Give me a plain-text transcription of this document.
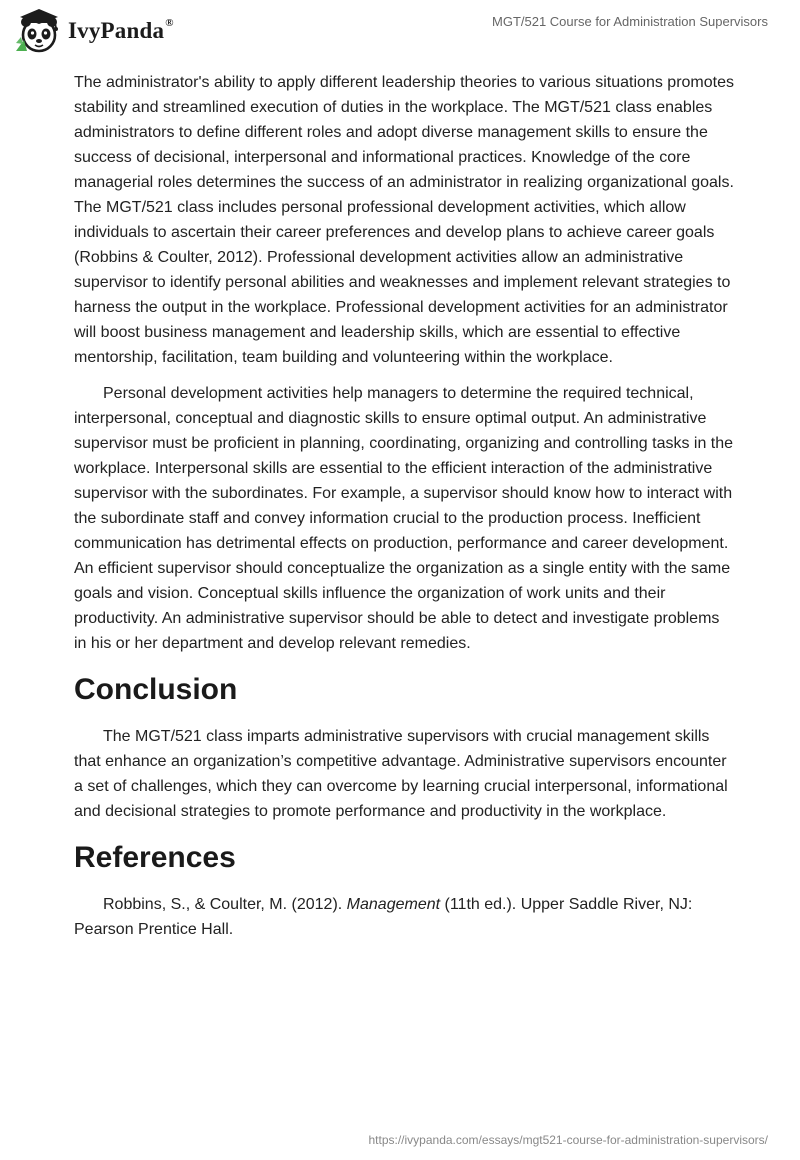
IvyPanda®	MGT/521 Course for Administration Supervisors

The administrator's ability to apply different leadership theories to various situations promotes stability and streamlined execution of duties in the workplace. The MGT/521 class enables administrators to define different roles and adopt diverse management skills to ensure the success of decisional, interpersonal and informational practices. Knowledge of the core managerial roles determines the success of an administrator in realizing organizational goals. The MGT/521 class includes personal professional development activities, which allow individuals to ascertain their career preferences and develop plans to achieve career goals (Robbins & Coulter, 2012). Professional development activities allow an administrative supervisor to identify personal abilities and weaknesses and implement relevant strategies to harness the output in the workplace. Professional development activities for an administrator will boost business management and leadership skills, which are essential to effective mentorship, facilitation, team building and volunteering within the workplace.

Personal development activities help managers to determine the required technical, interpersonal, conceptual and diagnostic skills to ensure optimal output. An administrative supervisor must be proficient in planning, coordinating, organizing and controlling tasks in the workplace. Interpersonal skills are essential to the efficient interaction of the administrative supervisor with the subordinates. For example, a supervisor should know how to interact with the subordinate staff and convey information crucial to the production process. Inefficient communication has detrimental effects on production, performance and career development. An efficient supervisor should conceptualize the organization as a single entity with the same goals and vision. Conceptual skills influence the organization of work units and their productivity. An administrative supervisor should be able to detect and investigate problems in his or her department and develop relevant remedies.

Conclusion

The MGT/521 class imparts administrative supervisors with crucial management skills that enhance an organization’s competitive advantage. Administrative supervisors encounter a set of challenges, which they can overcome by learning crucial interpersonal, informational and decisional strategies to promote performance and productivity in the workplace.

References

Robbins, S., & Coulter, M. (2012). Management (11th ed.). Upper Saddle River, NJ: Pearson Prentice Hall.

https://ivypanda.com/essays/mgt521-course-for-administration-supervisors/
